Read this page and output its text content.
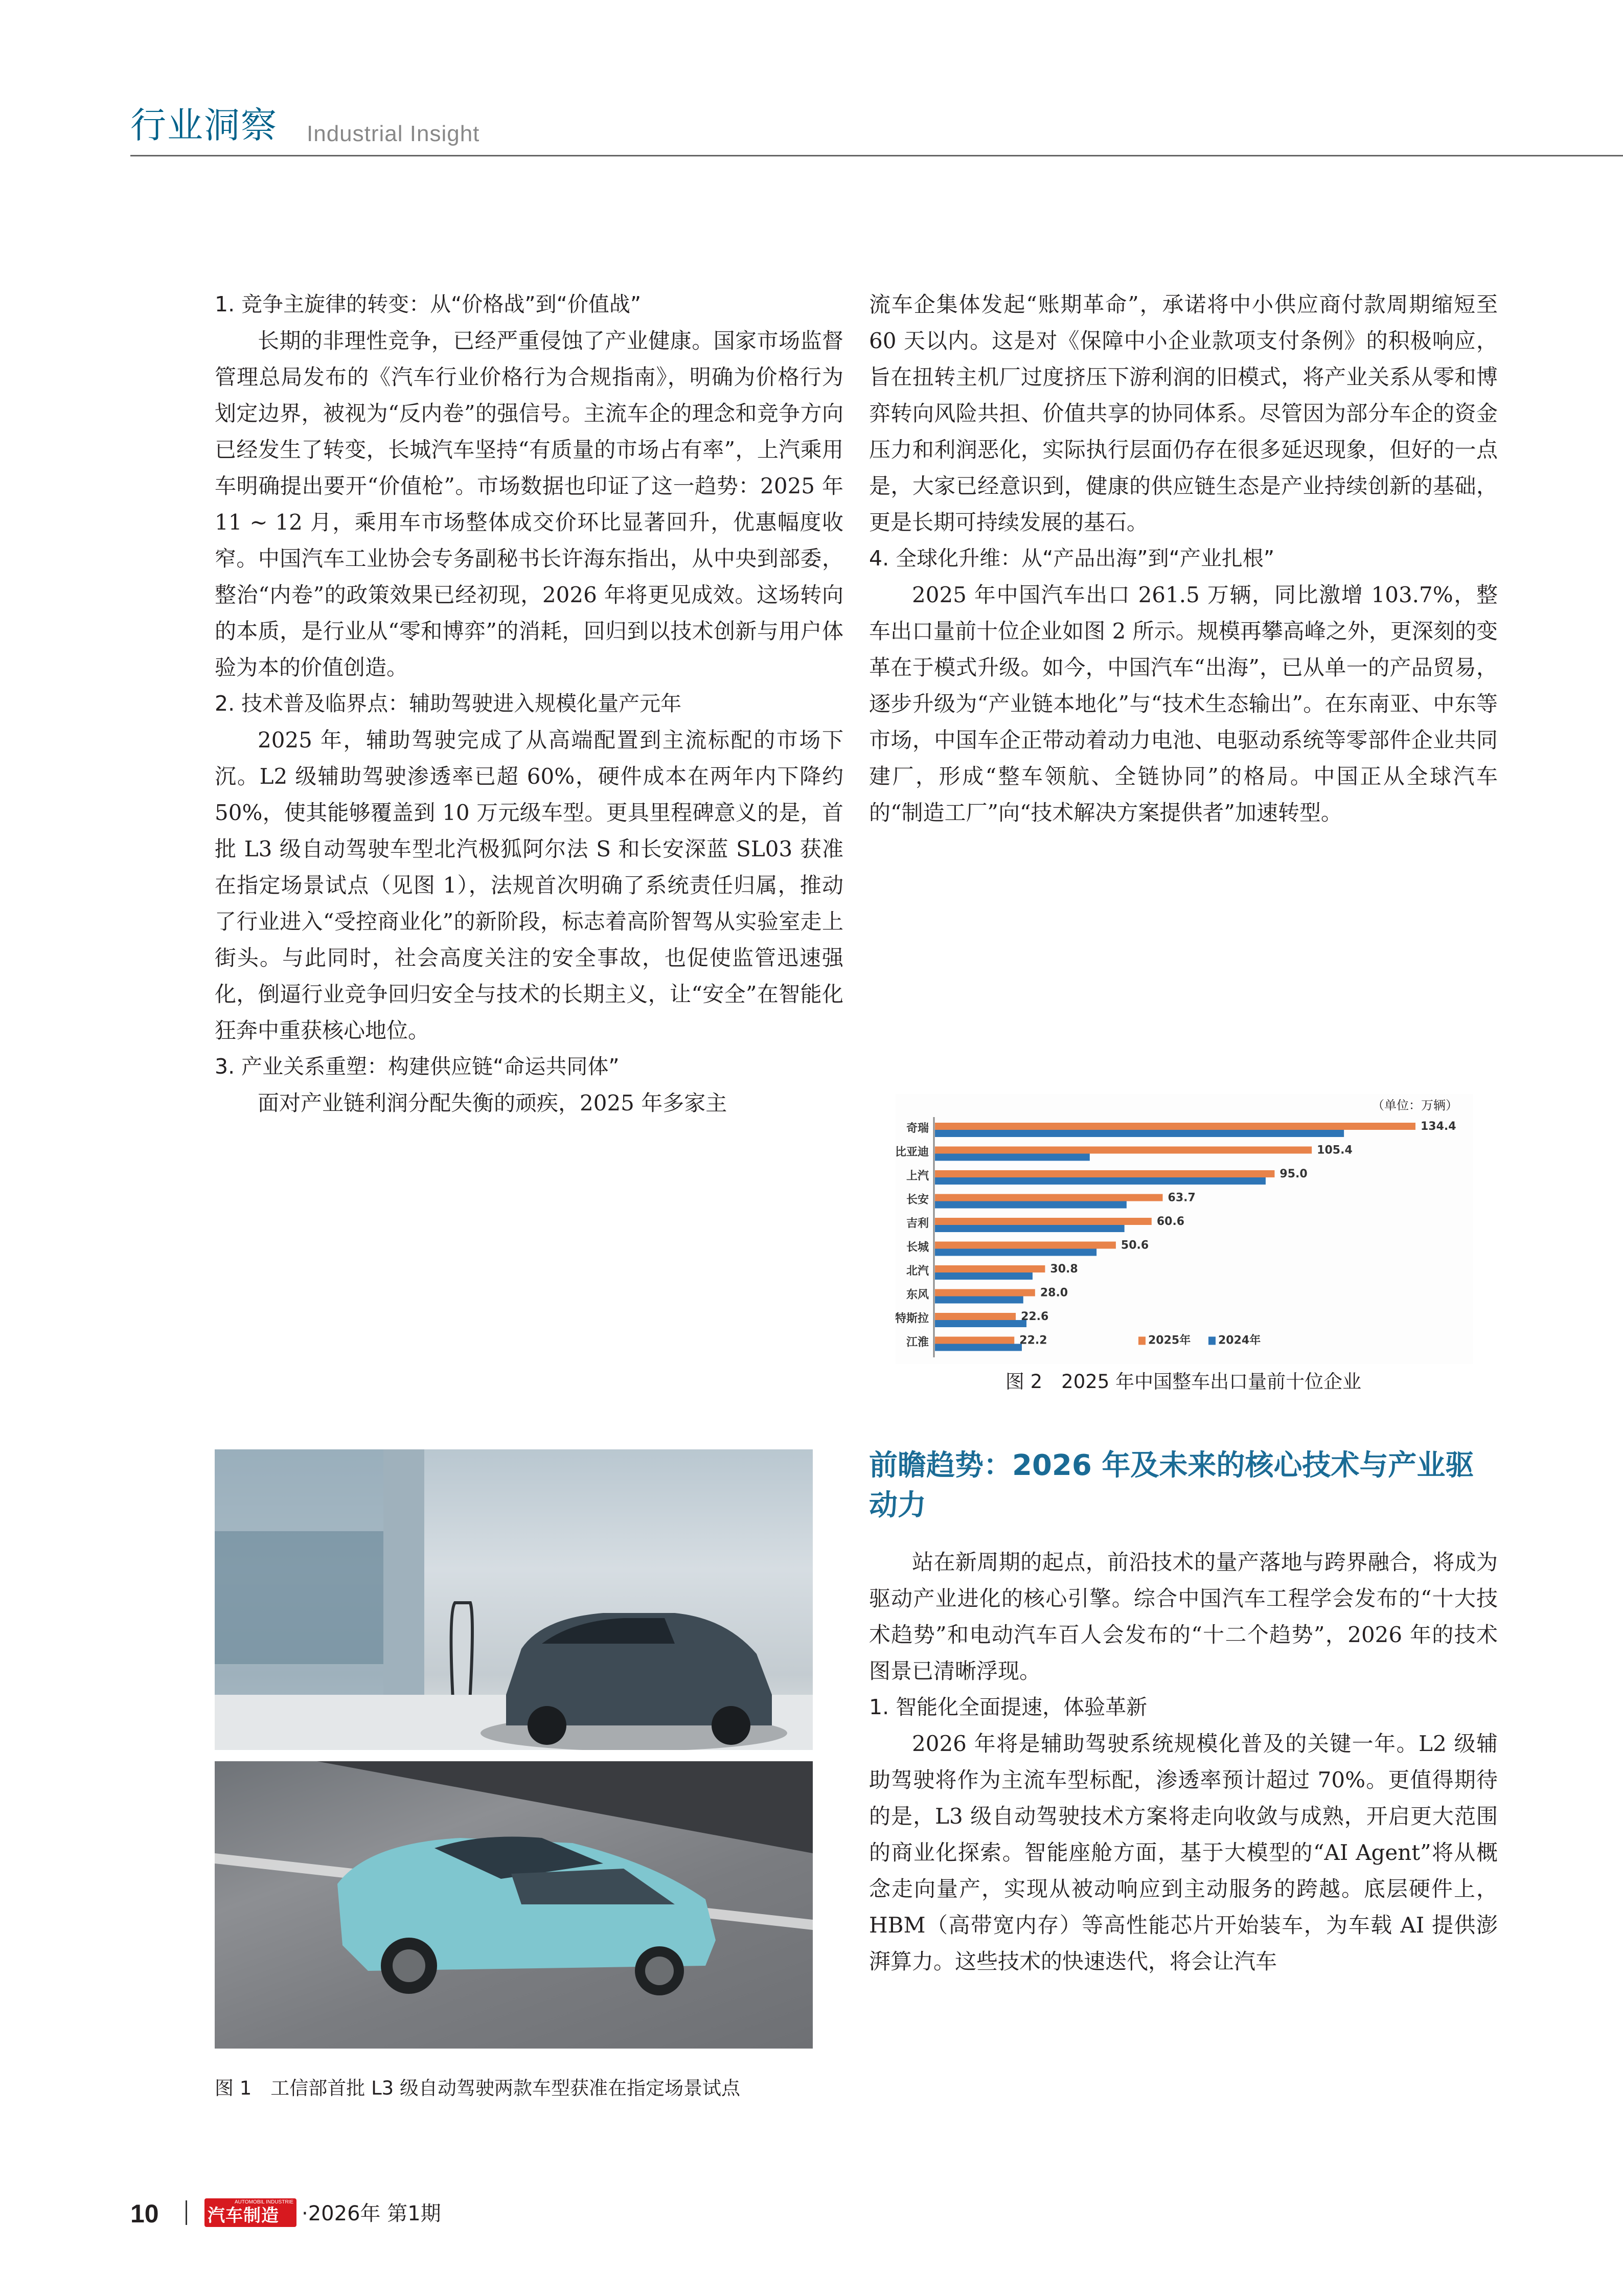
行业洞察 Industrial Insight

1. 竞争主旋律的转变：从“价格战”到“价值战”

长期的非理性竞争，已经严重侵蚀了产业健康。国家市场监督管理总局发布的《汽车行业价格行为合规指南》，明确为价格行为划定边界，被视为“反内卷”的强信号。主流车企的理念和竞争方向已经发生了转变，长城汽车坚持“有质量的市场占有率”，上汽乘用车明确提出要开“价值枪”。市场数据也印证了这一趋势：2025 年 11 ~ 12 月，乘用车市场整体成交价环比显著回升，优惠幅度收窄。中国汽车工业协会专务副秘书长许海东指出，从中央到部委，整治“内卷”的政策效果已经初现，2026 年将更见成效。这场转向的本质，是行业从“零和博弈”的消耗，回归到以技术创新与用户体验为本的价值创造。

2. 技术普及临界点：辅助驾驶进入规模化量产元年

2025 年，辅助驾驶完成了从高端配置到主流标配的市场下沉。L2 级辅助驾驶渗透率已超 60%，硬件成本在两年内下降约 50%，使其能够覆盖到 10 万元级车型。更具里程碑意义的是，首批 L3 级自动驾驶车型北汽极狐阿尔法 S 和长安深蓝 SL03 获准在指定场景试点（见图 1），法规首次明确了系统责任归属，推动了行业进入“受控商业化”的新阶段，标志着高阶智驾从实验室走上街头。与此同时，社会高度关注的安全事故，也促使监管迅速强化，倒逼行业竞争回归安全与技术的长期主义，让“安全”在智能化狂奔中重获核心地位。

3. 产业关系重塑：构建供应链“命运共同体”

面对产业链利润分配失衡的顽疾，2025 年多家主

流车企集体发起“账期革命”，承诺将中小供应商付款周期缩短至 60 天以内。这是对《保障中小企业款项支付条例》的积极响应，旨在扭转主机厂过度挤压下游利润的旧模式，将产业关系从零和博弈转向风险共担、价值共享的协同体系。尽管因为部分车企的资金压力和利润恶化，实际执行层面仍存在很多延迟现象，但好的一点是，大家已经意识到，健康的供应链生态是产业持续创新的基础，更是长期可持续发展的基石。

4. 全球化升维：从“产品出海”到“产业扎根”

2025 年中国汽车出口 261.5 万辆，同比激增 103.7%，整车出口量前十位企业如图 2 所示。规模再攀高峰之外，更深刻的变革在于模式升级。如今，中国汽车“出海”，已从单一的产品贸易，逐步升级为“产业链本地化”与“技术生态输出”。在东南亚、中东等市场，中国车企正带动着动力电池、电驱动系统等零部件企业共同建厂，形成“整车领航、全链协同”的格局。中国正从全球汽车的“制造工厂”向“技术解决方案提供者”加速转型。

（单位：万辆）
奇瑞	134.4
比亚迪	105.4
上汽	95.0
长安	63.7
吉利	60.6
长城	50.6
北汽	30.8
东风	28.0
特斯拉	22.6
江淮	22.2	2025年 2024年
图 2　2025 年中国整车出口量前十位企业
前瞻趋势：2026 年及未来的核心技术与产业驱动力

站在新周期的起点，前沿技术的量产落地与跨界融合，将成为驱动产业进化的核心引擎。综合中国汽车工程学会发布的“十大技术趋势”和电动汽车百人会发布的“十二个趋势”，2026 年的技术图景已清晰浮现。

1. 智能化全面提速，体验革新

2026 年将是辅助驾驶系统规模化普及的关键一年。L2 级辅助驾驶将作为主流车型标配，渗透率预计超过 70%。更值得期待的是，L3 级自动驾驶技术方案将走向收敛与成熟，开启更大范围的商业化探索。智能座舱方面，基于大模型的“AI Agent”将从概念走向量产，实现从被动响应到主动服务的跨越。底层硬件上，HBM（高带宽内存）等高性能芯片开始装车，为车载 AI 提供澎湃算力。这些技术的快速迭代，将会让汽车

图 1　工信部首批 L3 级自动驾驶两款车型获准在指定场景试点
10	AUTOMOBIL INDUSTRIE
汽车制造业
·2026年 第1期
